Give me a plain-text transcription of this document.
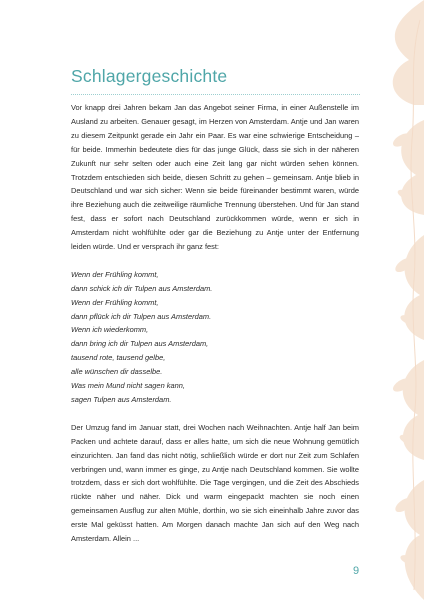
Schlagergeschichte

Vor knapp drei Jahren bekam Jan das Angebot seiner Firma, in einer Außenstelle im Ausland zu arbeiten. Genauer gesagt, im Herzen von Amsterdam. Antje und Jan waren zu diesem Zeitpunkt gerade ein Jahr ein Paar. Es war eine schwierige Entscheidung – für beide. Immerhin bedeutete dies für das junge Glück, dass sie sich in der näheren Zukunft nur sehr selten oder auch eine Zeit lang gar nicht würden sehen können. Trotzdem entschieden sich beide, diesen Schritt zu gehen – gemeinsam. Antje blieb in Deutschland und war sich sicher: Wenn sie beide füreinander bestimmt waren, würde ihre Beziehung auch die zeitweilige räumliche Trennung überstehen. Und für Jan stand fest, dass er sofort nach Deutschland zurückkommen würde, wenn er sich in Amsterdam nicht wohlfühlte oder gar die Beziehung zu Antje unter der Entfernung leiden würde. Und er versprach ihr ganz fest:

Wenn der Frühling kommt,
dann schick ich dir Tulpen aus Amsterdam.
Wenn der Frühling kommt,
dann pflück ich dir Tulpen aus Amsterdam.
Wenn ich wiederkomm,
dann bring ich dir Tulpen aus Amsterdam,
tausend rote, tausend gelbe,
alle wünschen dir dasselbe.
Was mein Mund nicht sagen kann,
sagen Tulpen aus Amsterdam.

Der Umzug fand im Januar statt, drei Wochen nach Weihnachten. Antje half Jan beim Packen und achtete darauf, dass er alles hatte, um sich die neue Wohnung gemütlich einzurichten. Jan fand das nicht nötig, schließlich würde er dort nur Zeit zum Schlafen verbringen und, wann immer es ginge, zu Antje nach Deutschland kommen. Sie wollte trotzdem, dass er sich dort wohlfühlte. Die Tage vergingen, und die Zeit des Abschieds rückte näher und näher. Dick und warm eingepackt machten sie noch einen gemeinsamen Ausflug zur alten Mühle, dorthin, wo sie sich eineinhalb Jahre zuvor das erste Mal geküsst hatten. Am Morgen danach machte Jan sich auf den Weg nach Amsterdam. Allein ...

9
